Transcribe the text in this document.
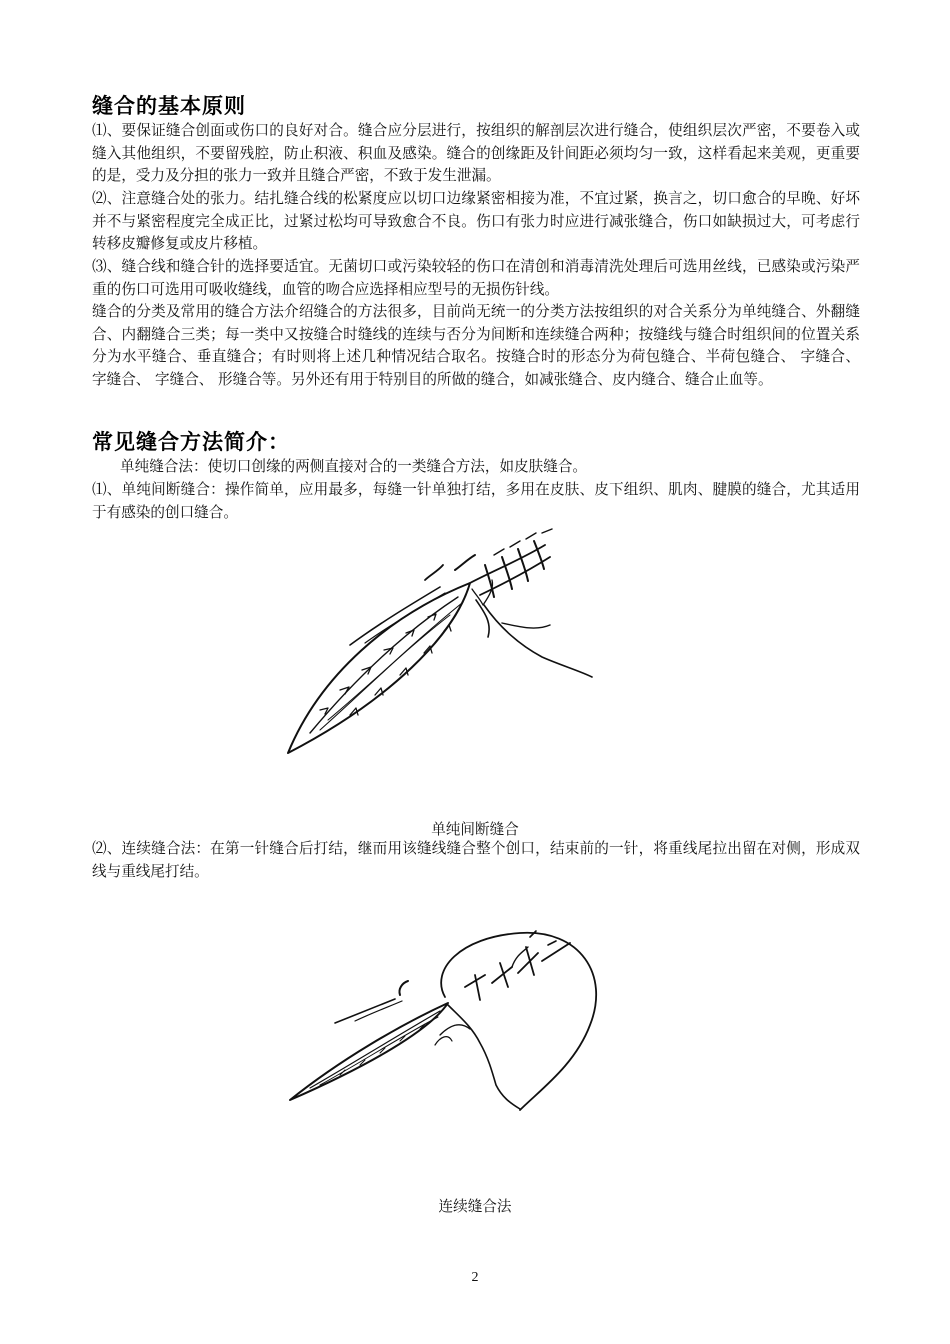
缝合的基本原则
⑴、要保证缝合创面或伤口的良好对合。缝合应分层进行，按组织的解剖层次进行缝合，使组织层次严密，不要卷入或缝入其他组织，不要留残腔，防止积液、积血及感染。缝合的创缘距及针间距必须均匀一致，这样看起来美观，更重要的是，受力及分担的张力一致并且缝合严密，不致于发生泄漏。
⑵、注意缝合处的张力。结扎缝合线的松紧度应以切口边缘紧密相接为准，不宜过紧，换言之，切口愈合的早晚、好坏并不与紧密程度完全成正比，过紧过松均可导致愈合不良。伤口有张力时应进行减张缝合，伤口如缺损过大，可考虑行转移皮瓣修复或皮片移植。
⑶、缝合线和缝合针的选择要适宜。无菌切口或污染较轻的伤口在清创和消毒清洗处理后可选用丝线，已感染或污染严重的伤口可选用可吸收缝线，血管的吻合应选择相应型号的无损伤针线。
缝合的分类及常用的缝合方法介绍缝合的方法很多，目前尚无统一的分类方法按组织的对合关系分为单纯缝合、外翻缝合、内翻缝合三类；每一类中又按缝合时缝线的连续与否分为间断和连续缝合两种；按缝线与缝合时组织间的位置关系分为水平缝合、垂直缝合；有时则将上述几种情况结合取名。按缝合时的形态分为荷包缝合、半荷包缝合、 字缝合、 字缝合、 字缝合、 形缝合等。另外还有用于特别目的所做的缝合，如减张缝合、皮内缝合、缝合止血等。
常见缝合方法简介：
单纯缝合法：使切口创缘的两侧直接对合的一类缝合方法，如皮肤缝合。
⑴、单纯间断缝合：操作简单，应用最多，每缝一针单独打结，多用在皮肤、皮下组织、肌肉、腱膜的缝合，尤其适用于有感染的创口缝合。
单纯间断缝合
⑵、连续缝合法：在第一针缝合后打结，继而用该缝线缝合整个创口，结束前的一针，将重线尾拉出留在对侧，形成双线与重线尾打结。
连续缝合法
2
